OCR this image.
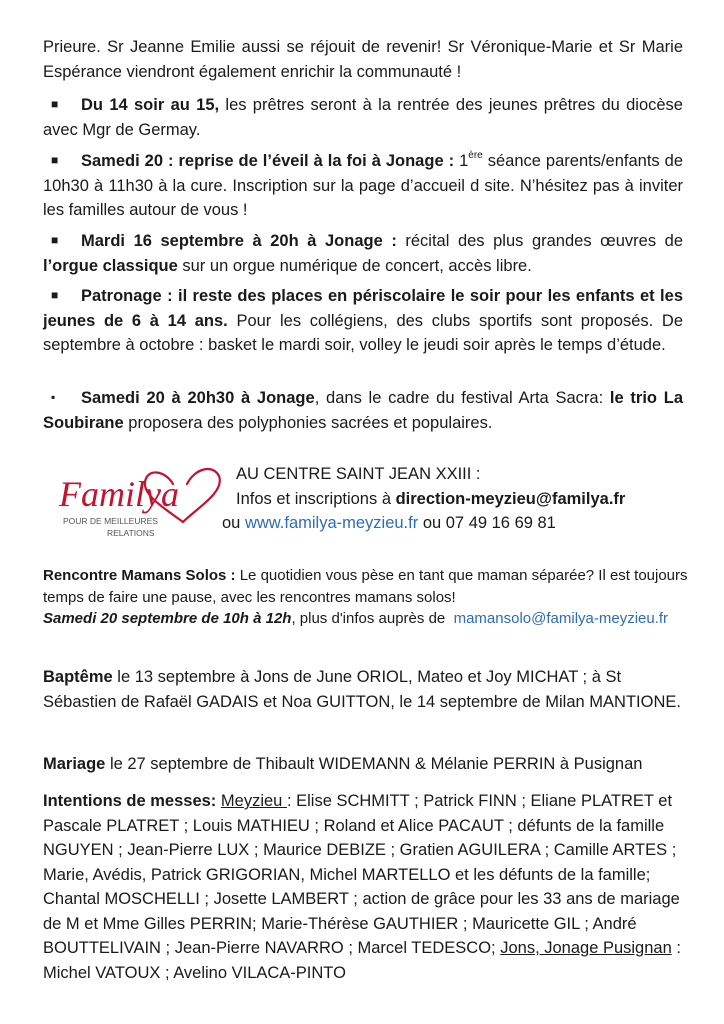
Prieure. Sr Jeanne Emilie aussi se réjouit de revenir! Sr Véronique-Marie et Sr Marie Espérance viendront également enrichir la communauté !

■ Du 14 soir au 15, les prêtres seront à la rentrée des jeunes prêtres du diocèse avec Mgr de Germay.

■ Samedi 20 : reprise de l’éveil à la foi à Jonage : 1ère séance parents/enfants de 10h30 à 11h30 à la cure. Inscription sur la page d’accueil d site. N’hésitez pas à inviter les familles autour de vous !

■ Mardi 16 septembre à 20h à Jonage : récital des plus grandes œuvres de l’orgue classique sur un orgue numérique de concert, accès libre.

■ Patronage : il reste des places en périscolaire le soir pour les enfants et les jeunes de 6 à 14 ans. Pour les collégiens, des clubs sportifs sont proposés. De septembre à octobre : basket le mardi soir, volley le jeudi soir après le temps d’étude.

▪ Samedi 20 à 20h30 à Jonage, dans le cadre du festival Arta Sacra: le trio La Soubirane proposera des polyphonies sacrées et populaires.

Familya
POUR DE MEILLEURES
RELATIONS
AU CENTRE SAINT JEAN XXIII :
Infos et inscriptions à direction-meyzieu@familya.fr
ou www.familya-meyzieu.fr ou 07 49 16 69 81

Rencontre Mamans Solos : Le quotidien vous pèse en tant que maman séparée? Il est toujours temps de faire une pause, avec les rencontres mamans solos!
Samedi 20 septembre de 10h à 12h, plus d'infos auprès de  mamansolo@familya-meyzieu.fr

Baptême le 13 septembre à Jons de June ORIOL, Mateo et Joy MICHAT ; à St Sébastien de Rafaël GADAIS et Noa GUITTON, le 14 septembre de Milan MANTIONE.

Mariage le 27 septembre de Thibault WIDEMANN & Mélanie PERRIN à Pusignan

Intentions de messes: Meyzieu : Elise SCHMITT ; Patrick FINN ; Eliane PLATRET et Pascale PLATRET ; Louis MATHIEU ; Roland et Alice PACAUT ; défunts de la famille NGUYEN ; Jean-Pierre LUX ; Maurice DEBIZE ; Gratien AGUILERA ; Camille ARTES ; Marie, Avédis, Patrick GRIGORIAN, Michel MARTELLO et les défunts de la famille; Chantal MOSCHELLI ; Josette LAMBERT ; action de grâce pour les 33 ans de mariage de M et Mme Gilles PERRIN; Marie-Thérèse GAUTHIER ; Mauricette GIL ; André BOUTTELIVAIN ; Jean-Pierre NAVARRO ; Marcel TEDESCO; Jons, Jonage Pusignan : Michel VATOUX ; Avelino VILACA-PINTO
